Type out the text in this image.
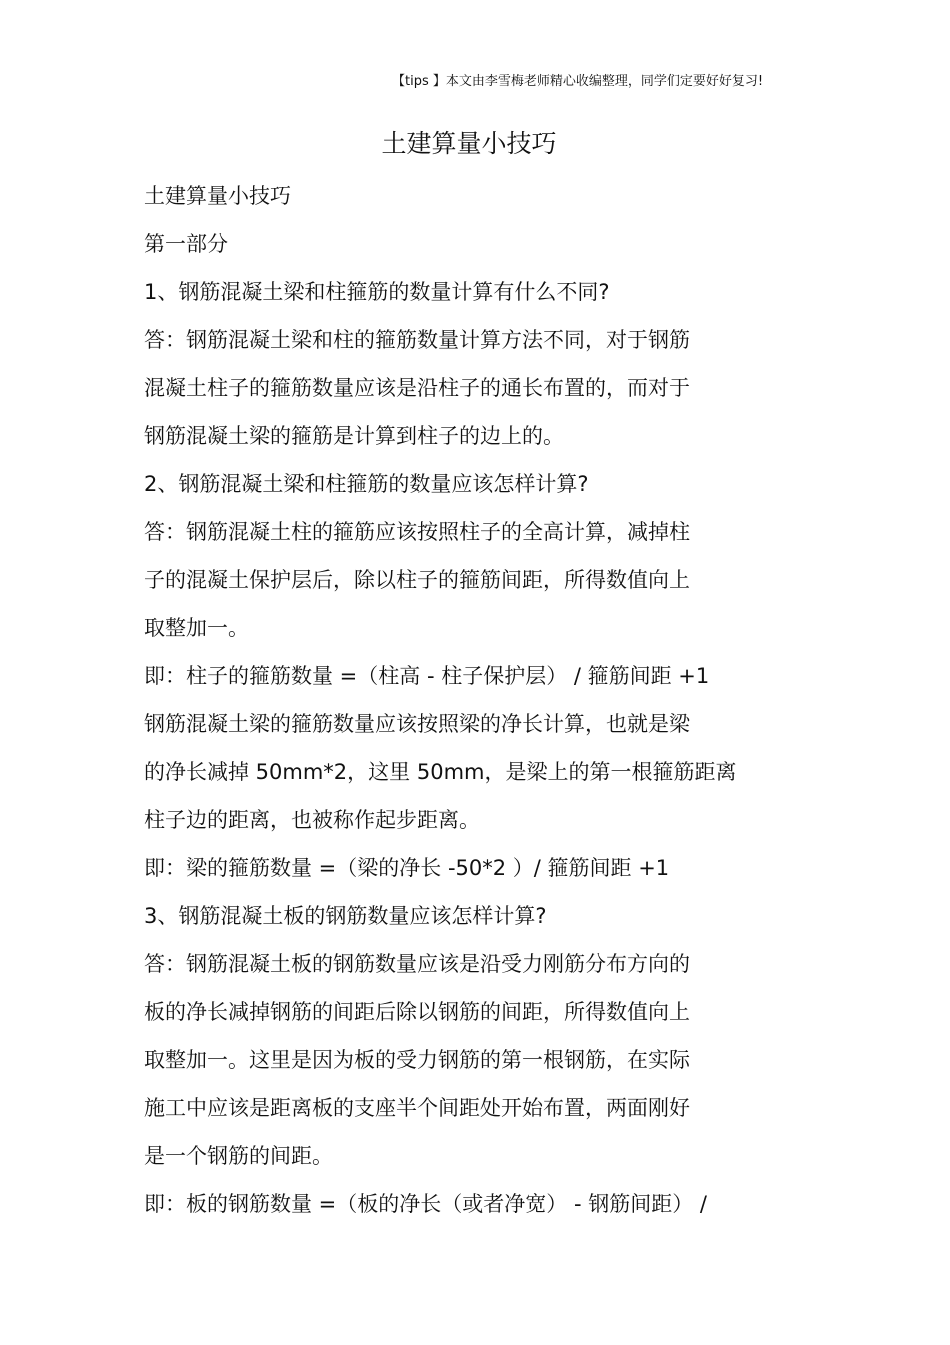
【tips 】本文由李雪梅老师精心收编整理，同学们定要好好复习!
土建算量小技巧
土建算量小技巧
第一部分
1、钢筋混凝土梁和柱箍筋的数量计算有什么不同?
答：钢筋混凝土梁和柱的箍筋数量计算方法不同，对于钢筋
混凝土柱子的箍筋数量应该是沿柱子的通长布置的，而对于
钢筋混凝土梁的箍筋是计算到柱子的边上的。
2、钢筋混凝土梁和柱箍筋的数量应该怎样计算?
答：钢筋混凝土柱的箍筋应该按照柱子的全高计算，减掉柱
子的混凝土保护层后，除以柱子的箍筋间距，所得数值向上
取整加一。
即：柱子的箍筋数量 =（柱高 - 柱子保护层） / 箍筋间距 +1
钢筋混凝土梁的箍筋数量应该按照梁的净长计算，也就是梁
的净长减掉 50mm*2，这里 50mm，是梁上的第一根箍筋距离
柱子边的距离，也被称作起步距离。
即：梁的箍筋数量 =（梁的净长 -50*2 ）/ 箍筋间距 +1
3、钢筋混凝土板的钢筋数量应该怎样计算?
答：钢筋混凝土板的钢筋数量应该是沿受力刚筋分布方向的
板的净长减掉钢筋的间距后除以钢筋的间距，所得数值向上
取整加一。这里是因为板的受力钢筋的第一根钢筋，在实际
施工中应该是距离板的支座半个间距处开始布置，两面刚好
是一个钢筋的间距。
即：板的钢筋数量 =（板的净长（或者净宽） - 钢筋间距） /
